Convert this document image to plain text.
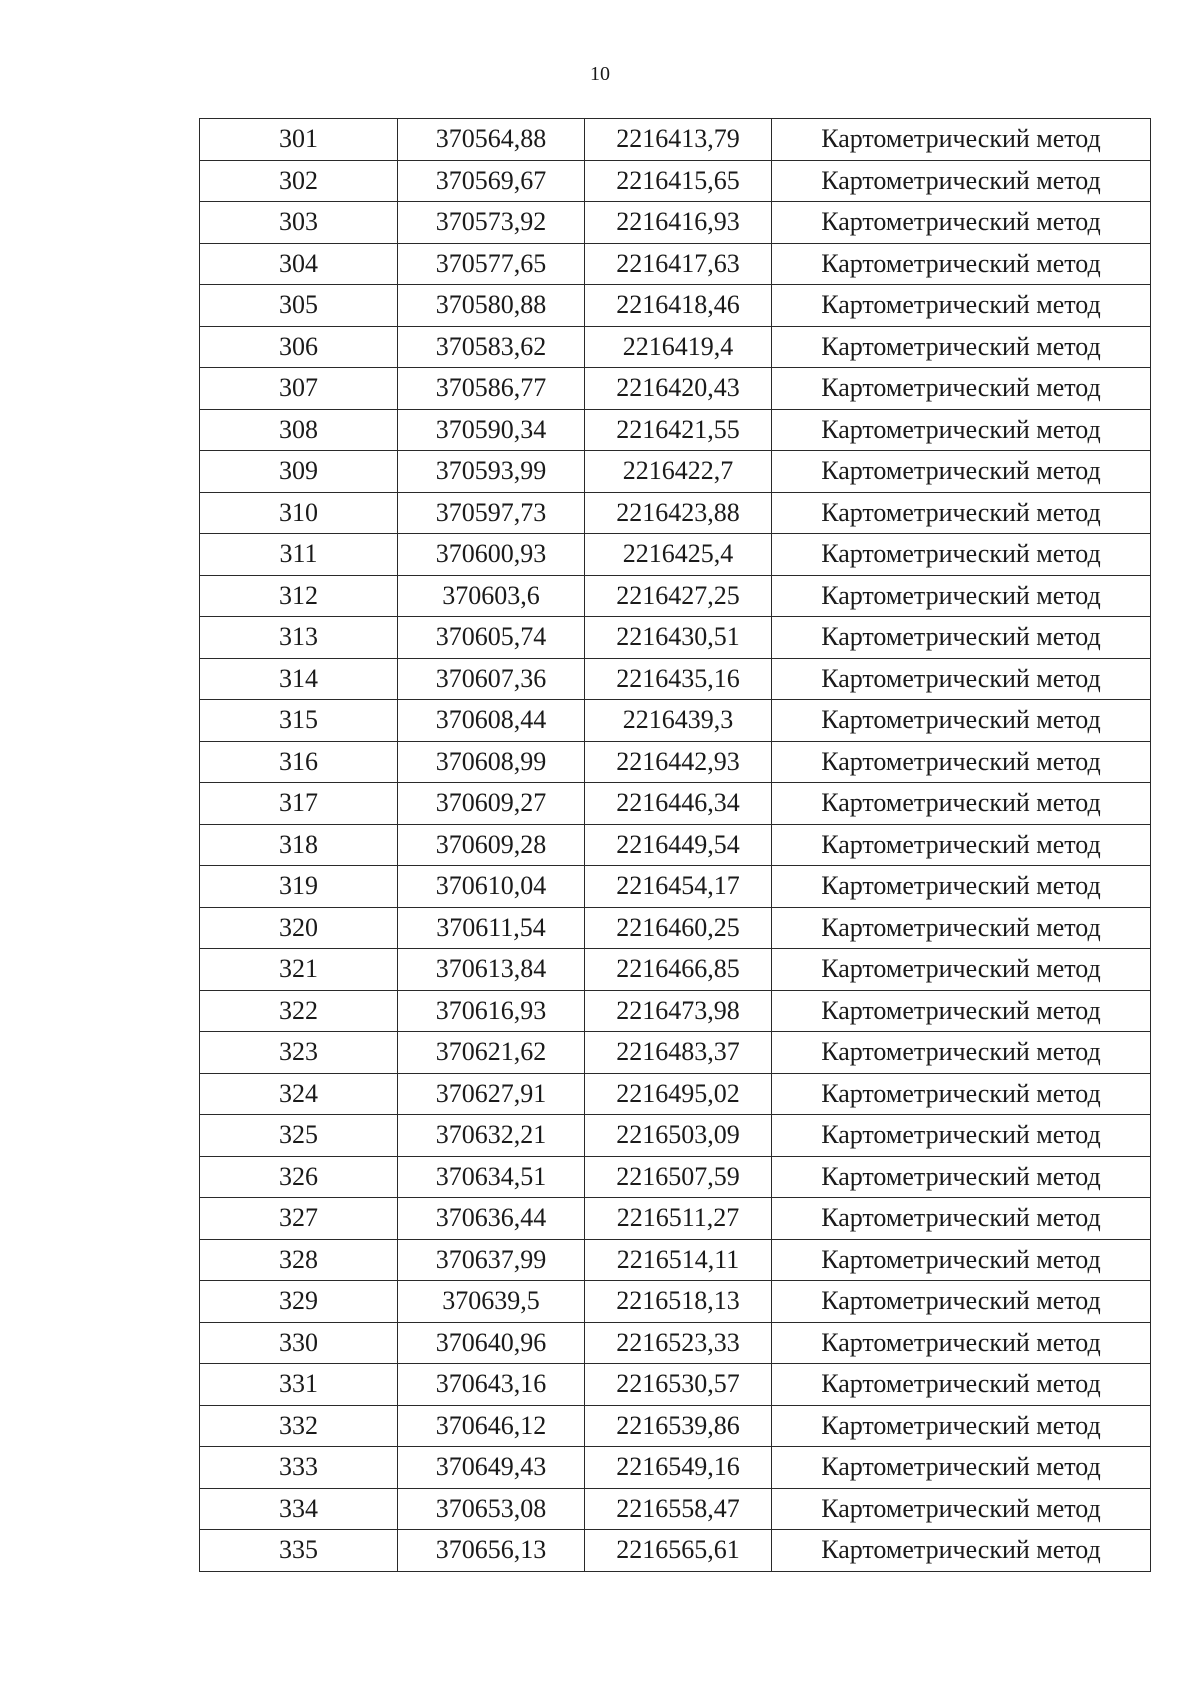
10
301	370564,88	2216413,79	Картометрический метод
302	370569,67	2216415,65	Картометрический метод
303	370573,92	2216416,93	Картометрический метод
304	370577,65	2216417,63	Картометрический метод
305	370580,88	2216418,46	Картометрический метод
306	370583,62	2216419,4	Картометрический метод
307	370586,77	2216420,43	Картометрический метод
308	370590,34	2216421,55	Картометрический метод
309	370593,99	2216422,7	Картометрический метод
310	370597,73	2216423,88	Картометрический метод
311	370600,93	2216425,4	Картометрический метод
312	370603,6	2216427,25	Картометрический метод
313	370605,74	2216430,51	Картометрический метод
314	370607,36	2216435,16	Картометрический метод
315	370608,44	2216439,3	Картометрический метод
316	370608,99	2216442,93	Картометрический метод
317	370609,27	2216446,34	Картометрический метод
318	370609,28	2216449,54	Картометрический метод
319	370610,04	2216454,17	Картометрический метод
320	370611,54	2216460,25	Картометрический метод
321	370613,84	2216466,85	Картометрический метод
322	370616,93	2216473,98	Картометрический метод
323	370621,62	2216483,37	Картометрический метод
324	370627,91	2216495,02	Картометрический метод
325	370632,21	2216503,09	Картометрический метод
326	370634,51	2216507,59	Картометрический метод
327	370636,44	2216511,27	Картометрический метод
328	370637,99	2216514,11	Картометрический метод
329	370639,5	2216518,13	Картометрический метод
330	370640,96	2216523,33	Картометрический метод
331	370643,16	2216530,57	Картометрический метод
332	370646,12	2216539,86	Картометрический метод
333	370649,43	2216549,16	Картометрический метод
334	370653,08	2216558,47	Картометрический метод
335	370656,13	2216565,61	Картометрический метод
